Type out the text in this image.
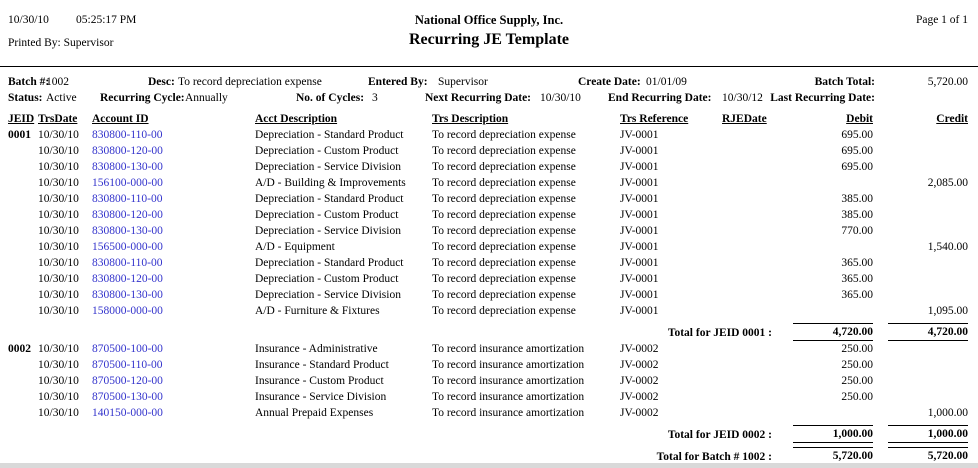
10/30/10 05:25:17 PM
Printed By: Supervisor
National Office Supply, Inc.
Recurring JE Template
Page 1 of 1
Batch #:
1002	Desc: To record depreciation expense	Entered By: Supervisor	Create Date: 01/01/09	Batch Total:	5,720.00
Status: Active Recurring Cycle: Annually	No. of Cycles: 3	Next Recurring Date: 10/30/10 End Recurring Date: 10/30/12 Last Recurring Date:
JEID	TrsDate	Account ID	Acct Description	Trs Description	Trs Reference	RJEDate	Debit	Credit
0001	10/30/10	830800-110-00	Depreciation - Standard Product	To record depreciation expense	JV-0001		695.00	
	10/30/10	830800-120-00	Depreciation - Custom Product	To record depreciation expense	JV-0001		695.00	
	10/30/10	830800-130-00	Depreciation - Service Division	To record depreciation expense	JV-0001		695.00	
	10/30/10	156100-000-00	A/D - Building & Improvements	To record depreciation expense	JV-0001			2,085.00
	10/30/10	830800-110-00	Depreciation - Standard Product	To record depreciation expense	JV-0001		385.00	
	10/30/10	830800-120-00	Depreciation - Custom Product	To record depreciation expense	JV-0001		385.00	
	10/30/10	830800-130-00	Depreciation - Service Division	To record depreciation expense	JV-0001		770.00	
	10/30/10	156500-000-00	A/D - Equipment	To record depreciation expense	JV-0001			1,540.00
	10/30/10	830800-110-00	Depreciation - Standard Product	To record depreciation expense	JV-0001		365.00	
	10/30/10	830800-120-00	Depreciation - Custom Product	To record depreciation expense	JV-0001		365.00	
	10/30/10	830800-130-00	Depreciation - Service Division	To record depreciation expense	JV-0001		365.00	
	10/30/10	158000-000-00	A/D - Furniture & Fixtures	To record depreciation expense	JV-0001			1,095.00
Total for JEID 0001 :							4,720.00	4,720.00
0002	10/30/10	870500-100-00	Insurance - Administrative	To record insurance amortization	JV-0002		250.00	
	10/30/10	870500-110-00	Insurance - Standard Product	To record insurance amortization	JV-0002		250.00	
	10/30/10	870500-120-00	Insurance - Custom Product	To record insurance amortization	JV-0002		250.00	
	10/30/10	870500-130-00	Insurance - Service Division	To record insurance amortization	JV-0002		250.00	
	10/30/10	140150-000-00	Annual Prepaid Expenses	To record insurance amortization	JV-0002			1,000.00
Total for JEID 0002 :							1,000.00	1,000.00
Total for Batch # 1002 :							5,720.00	5,720.00
